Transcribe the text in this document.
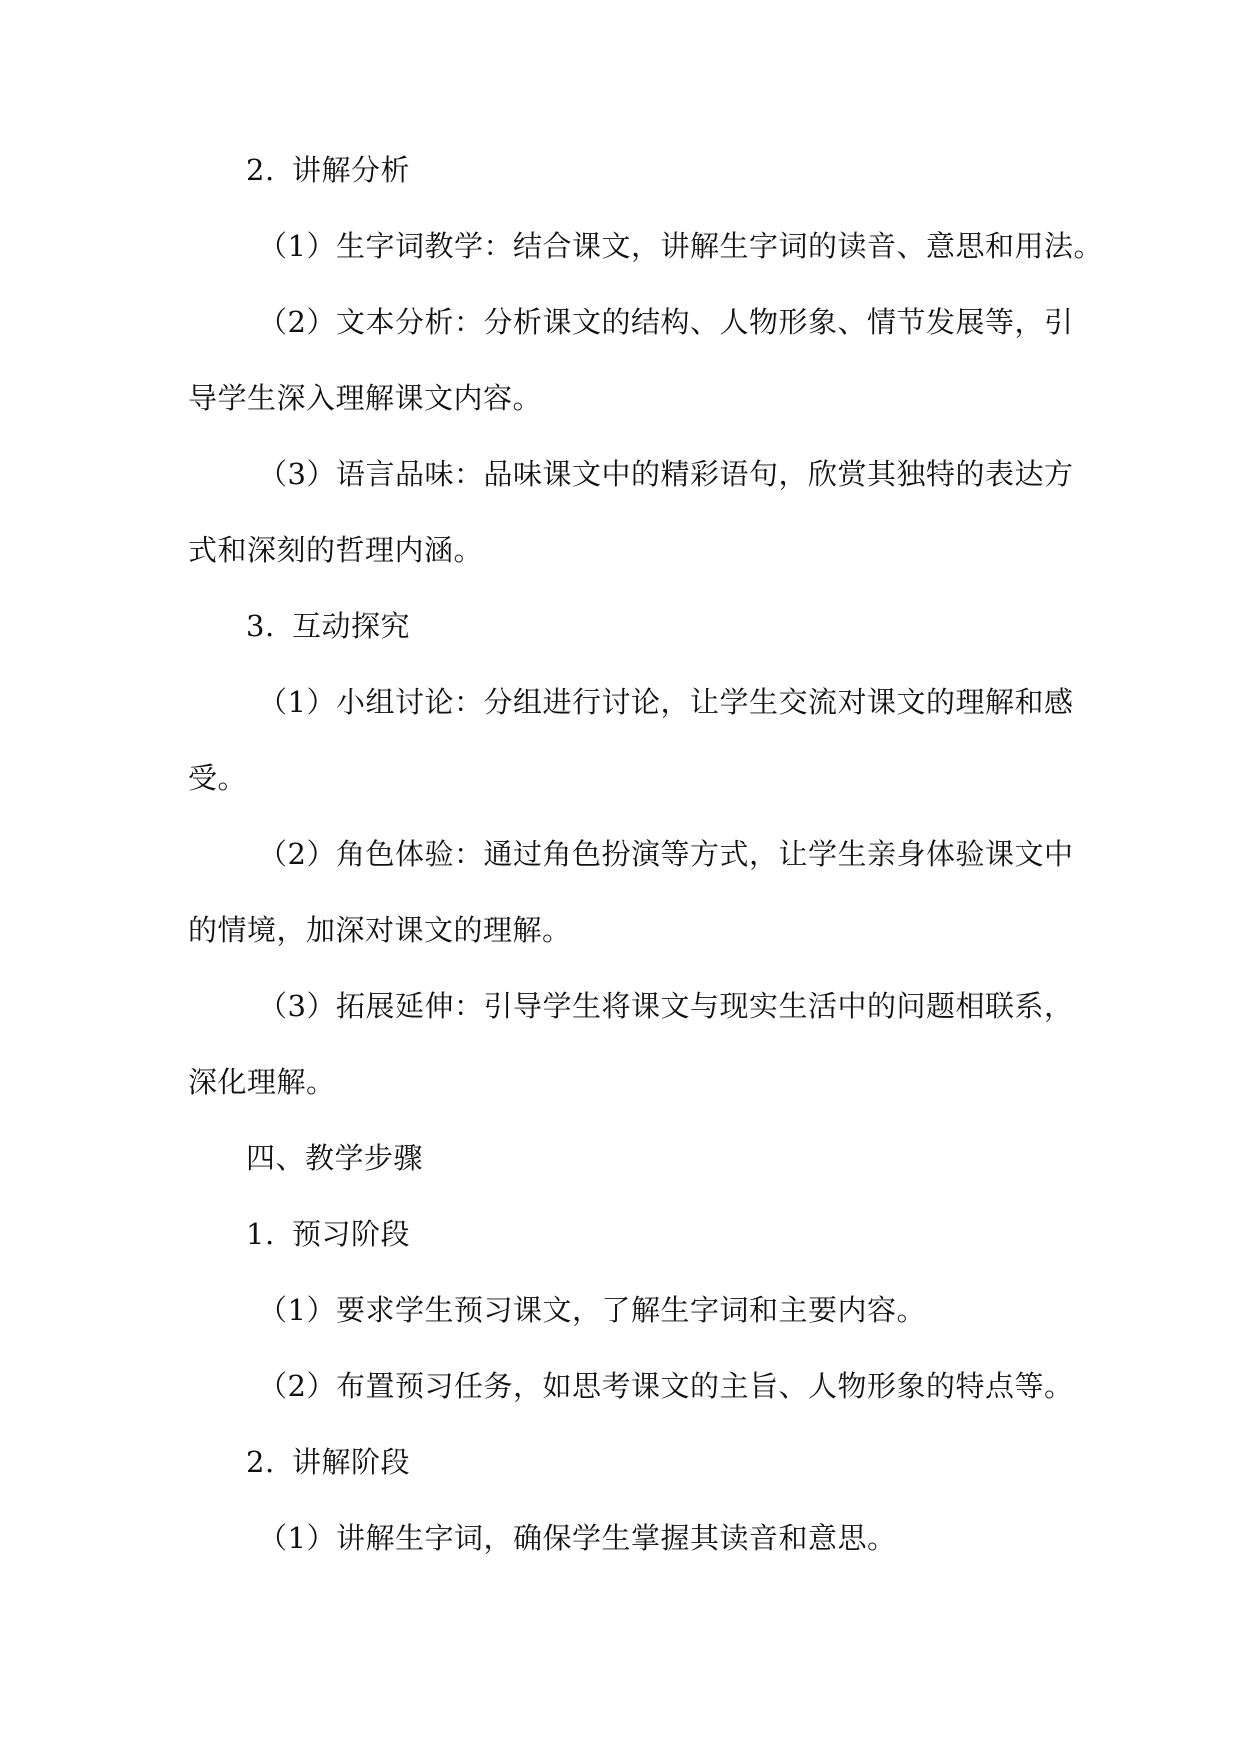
2. 讲解分析
（1）生字词教学：结合课文，讲解生字词的读音、意思和用法。
（2）文本分析：分析课文的结构、人物形象、情节发展等，引
导学生深入理解课文内容。
（3）语言品味：品味课文中的精彩语句，欣赏其独特的表达方
式和深刻的哲理内涵。
3. 互动探究
（1）小组讨论：分组进行讨论，让学生交流对课文的理解和感
受。
（2）角色体验：通过角色扮演等方式，让学生亲身体验课文中
的情境，加深对课文的理解。
（3）拓展延伸：引导学生将课文与现实生活中的问题相联系，
深化理解。
四、教学步骤
1. 预习阶段
（1）要求学生预习课文，了解生字词和主要内容。
（2）布置预习任务，如思考课文的主旨、人物形象的特点等。
2. 讲解阶段
（1）讲解生字词，确保学生掌握其读音和意思。
